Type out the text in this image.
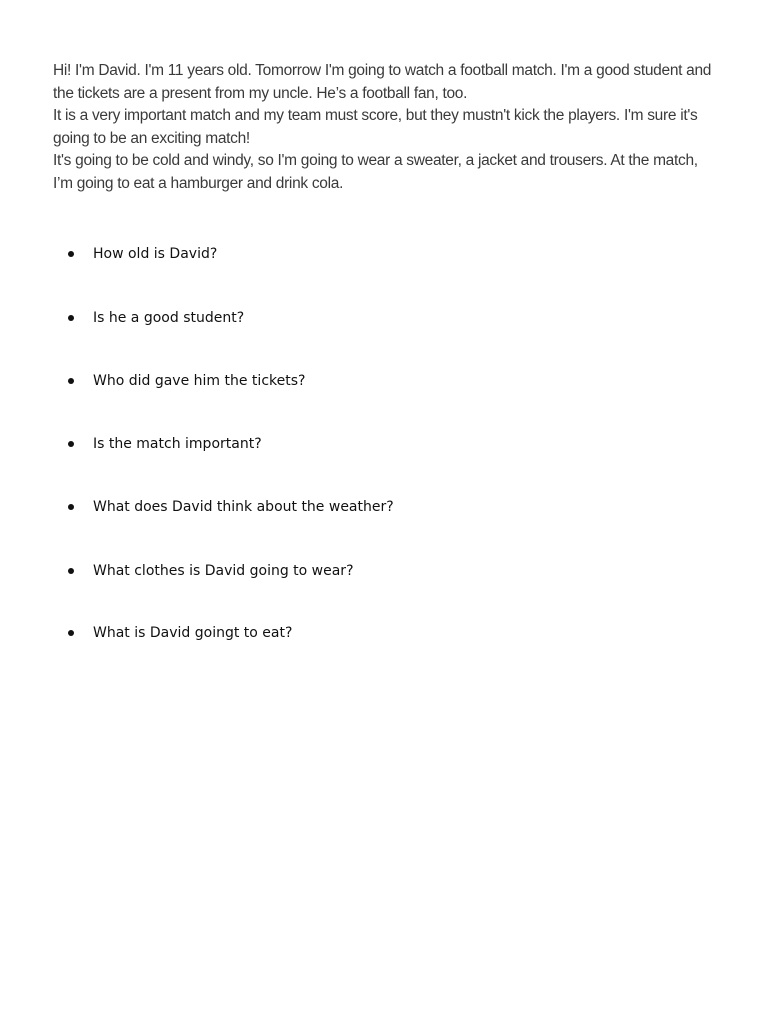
Hi! I'm David. I'm 11 years old. Tomorrow I'm going to watch a football match. I'm a good student and the tickets are a present from my uncle. He’s a football fan, too.

It is a very important match and my team must score, but they mustn't kick the players. I'm sure it's going to be an exciting match!

It's going to be cold and windy, so I'm going to wear a sweater, a jacket and trousers. At the match, I’m going to eat a hamburger and drink cola.

How old is David?
Is he a good student?
Who did gave him the tickets?
Is the match important?
What does David think about the weather?
What clothes is David going to wear?
What is David goingt to eat?
